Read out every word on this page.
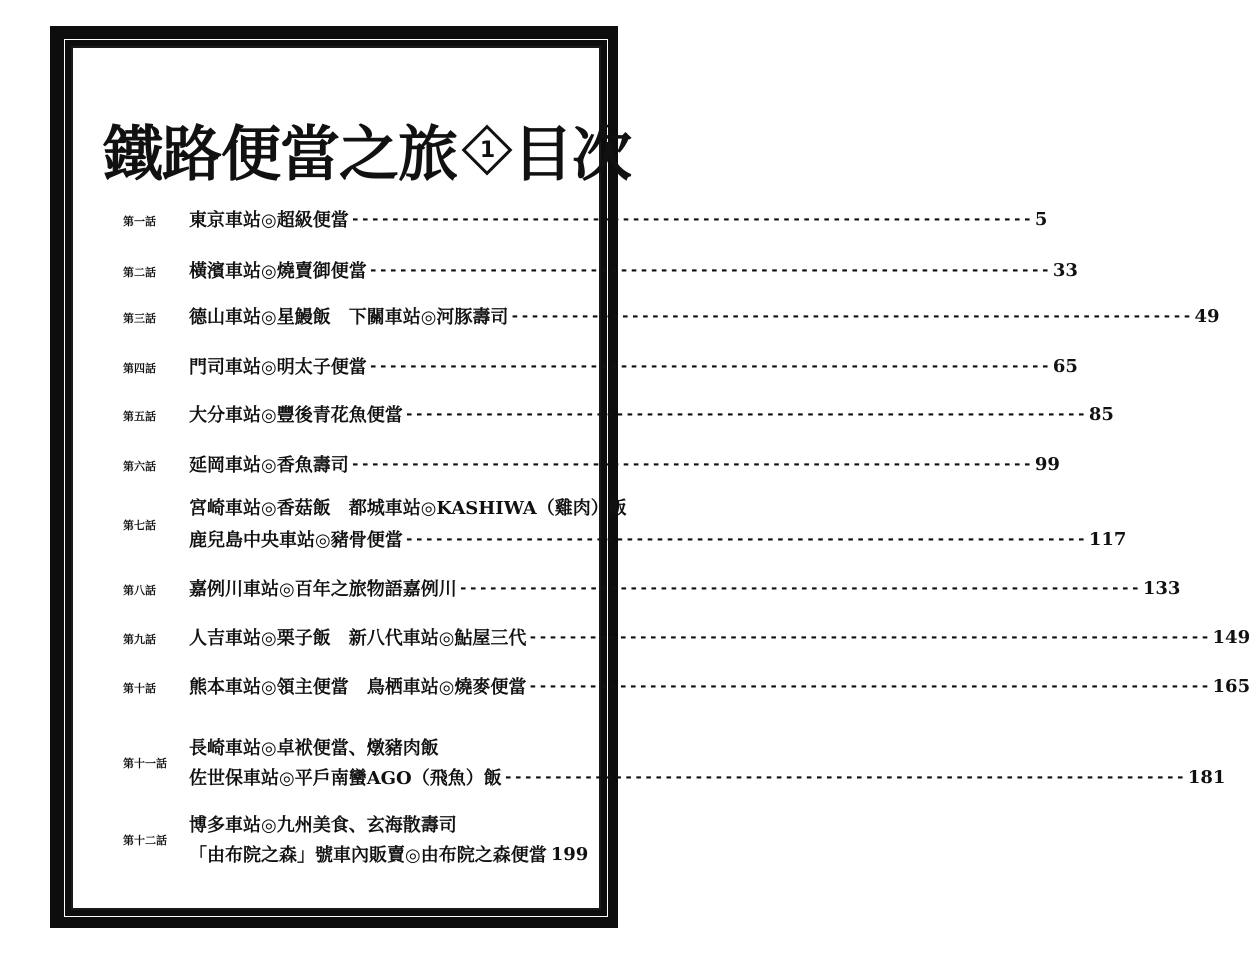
鐵路便當之旅 1 目次
第一話	東京車站◎超級便當 -------------------------------------------------------------------- 5
第二話	橫濱車站◎燒賣御便當 -------------------------------------------------------------------- 33
第三話	德山車站◎星鰻飯　下關車站◎河豚壽司 -------------------------------------------------------------------- 49
第四話	門司車站◎明太子便當 -------------------------------------------------------------------- 65
第五話	大分車站◎豐後青花魚便當 -------------------------------------------------------------------- 85
第六話	延岡車站◎香魚壽司 -------------------------------------------------------------------- 99
第七話
宮崎車站◎香菇飯　都城車站◎KASHIWA（雞肉）飯
鹿兒島中央車站◎豬骨便當 -------------------------------------------------------------------- 117
第八話	嘉例川車站◎百年之旅物語嘉例川 -------------------------------------------------------------------- 133
第九話	人吉車站◎栗子飯　新八代車站◎鮎屋三代 -------------------------------------------------------------------- 149
第十話	熊本車站◎領主便當　鳥栖車站◎燒麥便當 -------------------------------------------------------------------- 165
第十一話
長崎車站◎卓袱便當、燉豬肉飯
佐世保車站◎平戶南蠻AGO（飛魚）飯 -------------------------------------------------------------------- 181
第十二話
博多車站◎九州美食、玄海散壽司
「由布院之森」號車內販賣◎由布院之森便當 199
